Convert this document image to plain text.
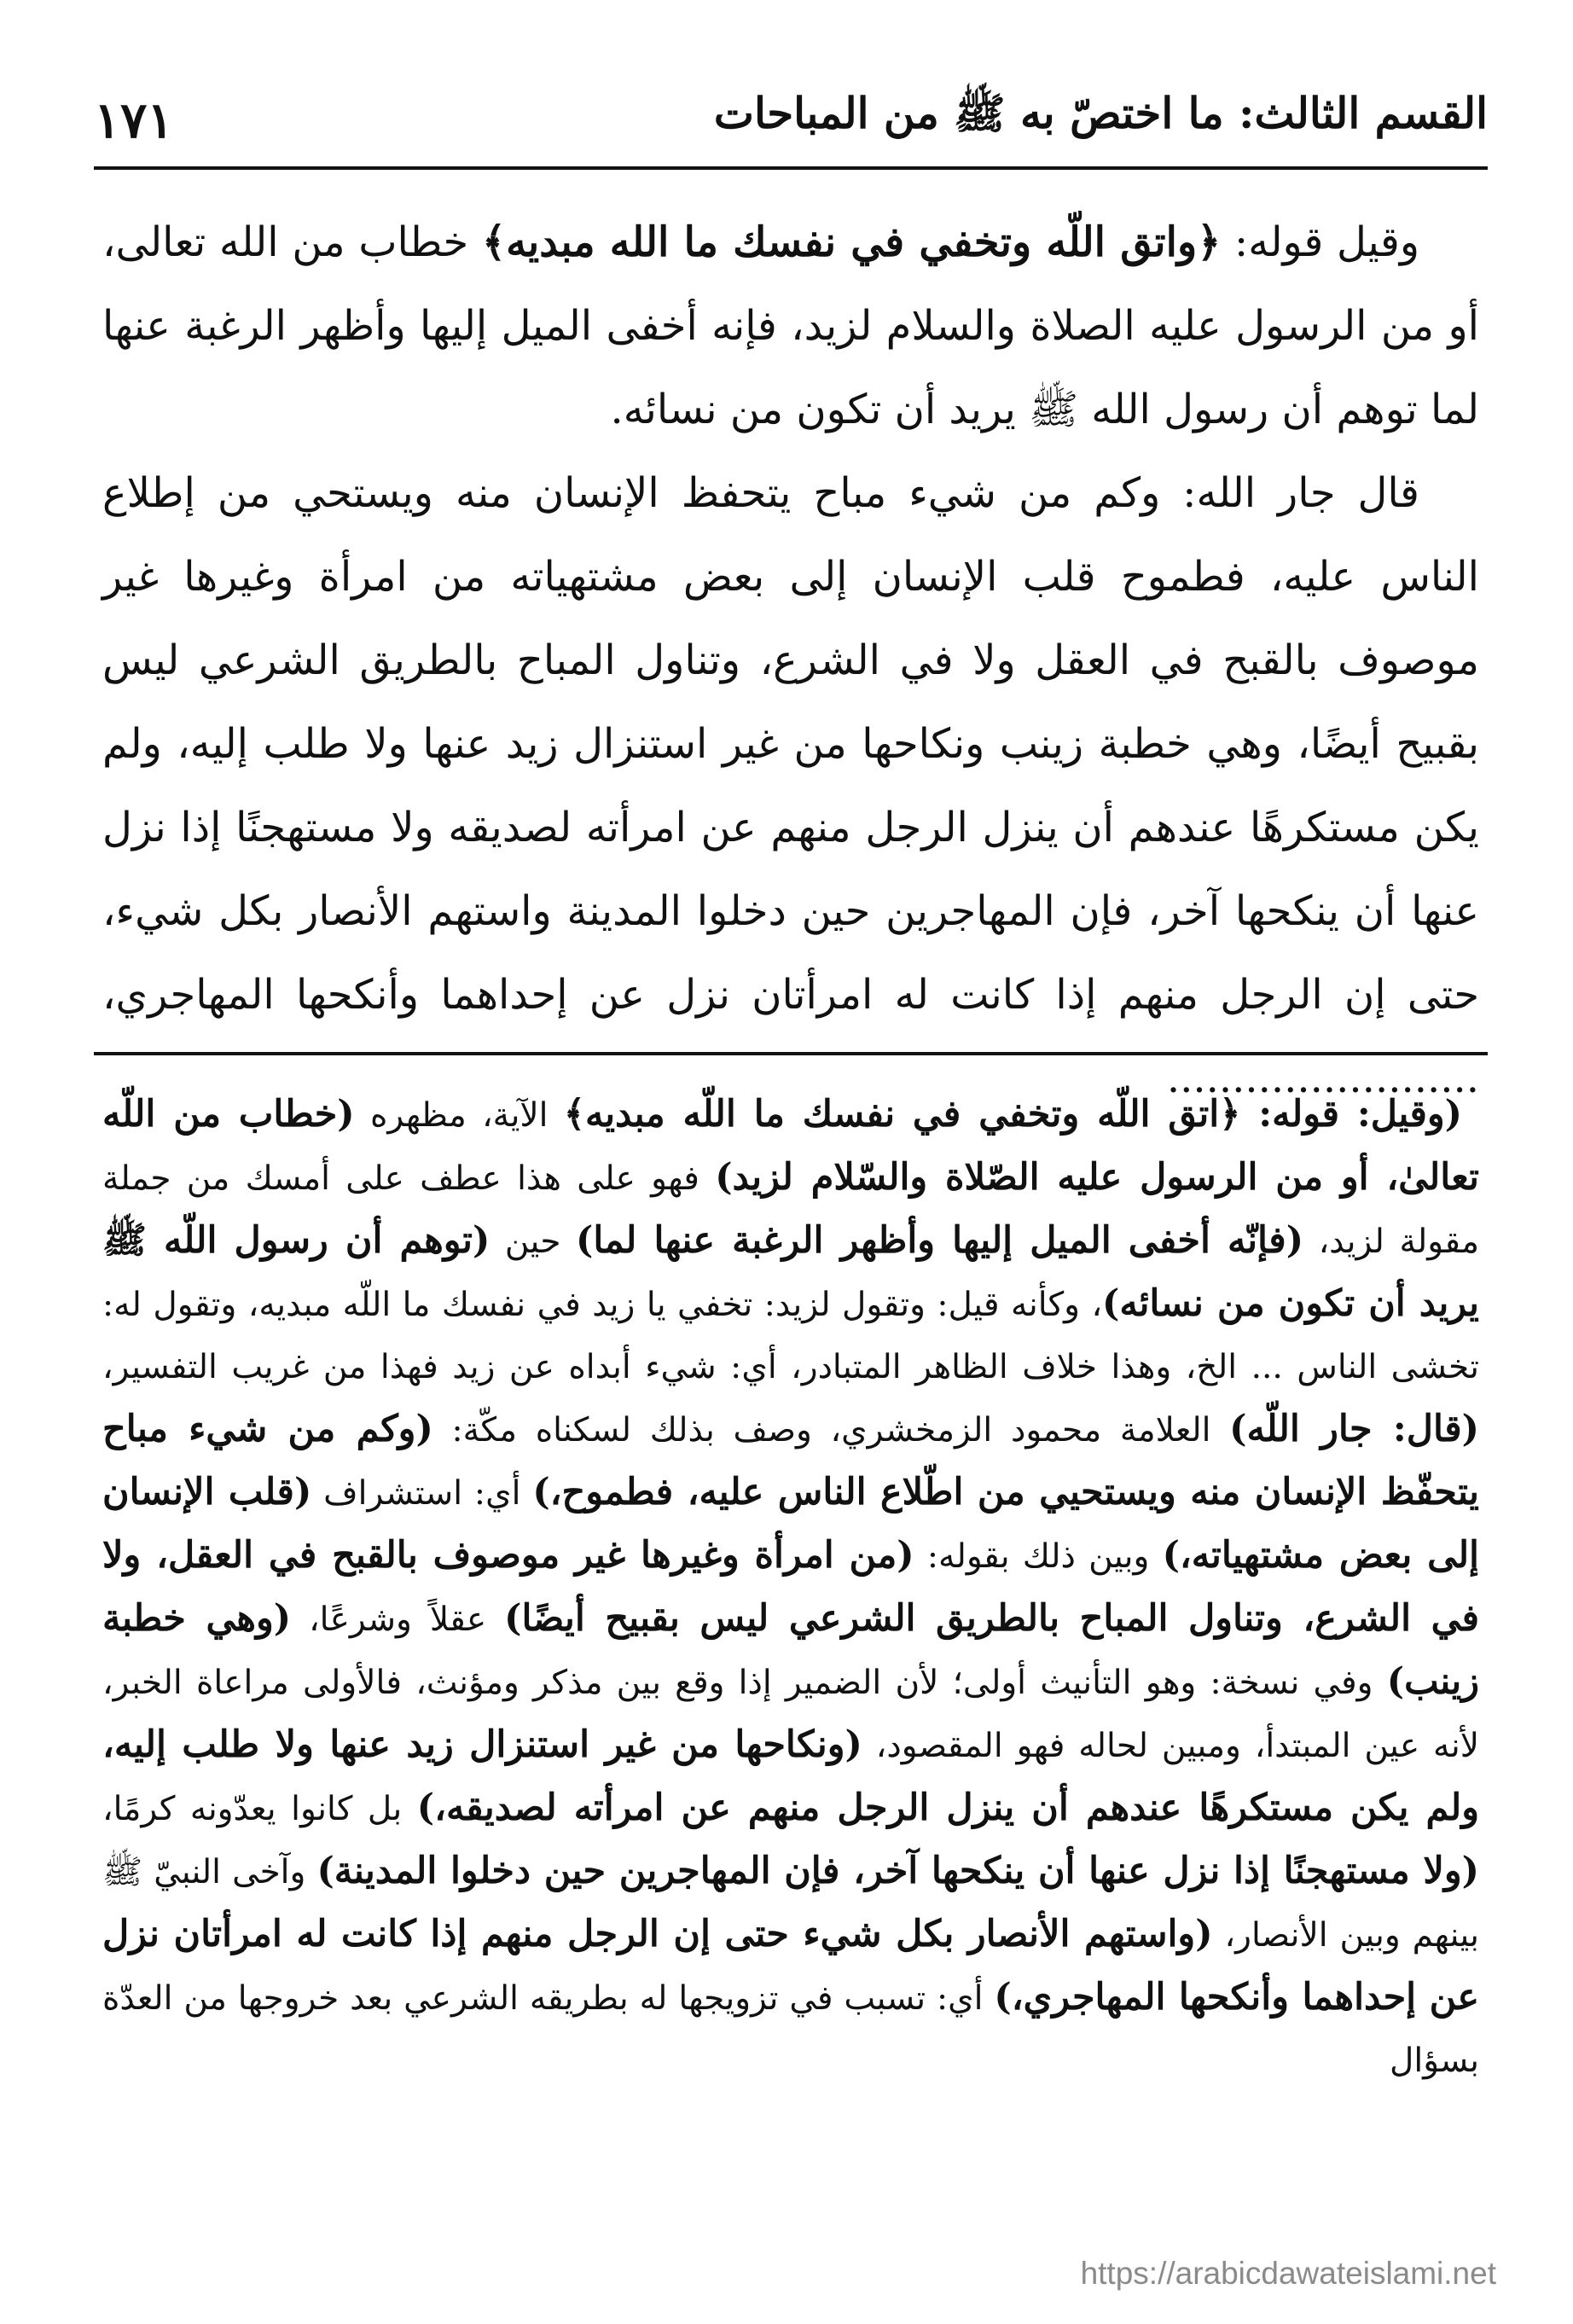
القسم الثالث: ما اختصّ به ﷺ من المباحات
١٧١

وقيل قوله: ﴿واتق اللّه وتخفي في نفسك ما الله مبديه﴾ خطاب من الله تعالى، أو من الرسول عليه الصلاة والسلام لزيد، فإنه أخفى الميل إليها وأظهر الرغبة عنها لما توهم أن رسول الله ﷺ يريد أن تكون من نسائه.

قال جار الله: وكم من شيء مباح يتحفظ الإنسان منه ويستحي من إطلاع الناس عليه، فطموح قلب الإنسان إلى بعض مشتهياته من امرأة وغيرها غير موصوف بالقبح في العقل ولا في الشرع، وتناول المباح بالطريق الشرعي ليس بقبيح أيضًا، وهي خطبة زينب ونكاحها من غير استنزال زيد عنها ولا طلب إليه، ولم يكن مستكرهًا عندهم أن ينزل الرجل منهم عن امرأته لصديقه ولا مستهجنًا إذا نزل عنها أن ينكحها آخر، فإن المهاجرين حين دخلوا المدينة واستهم الأنصار بكل شيء، حتى إن الرجل منهم إذا كانت له امرأتان نزل عن إحداهما وأنكحها المهاجري، ........................

(وقيل: قوله: ﴿اتق اللّه وتخفي في نفسك ما اللّه مبديه﴾ الآية، مظهره (خطاب من اللّه تعالىٰ، أو من الرسول عليه الصّلاة والسّلام لزيد) فهو على هذا عطف على أمسك من جملة مقولة لزيد، (فإنّه أخفى الميل إليها وأظهر الرغبة عنها لما) حين (توهم أن رسول اللّه ﷺ يريد أن تكون من نسائه)، وكأنه قيل: وتقول لزيد: تخفي يا زيد في نفسك ما اللّه مبديه، وتقول له: تخشى الناس ... الخ، وهذا خلاف الظاهر المتبادر، أي: شيء أبداه عن زيد فهذا من غريب التفسير، (قال: جار اللّه) العلامة محمود الزمخشري، وصف بذلك لسكناه مكّة: (وكم من شيء مباح يتحفّظ الإنسان منه ويستحيي من اطّلاع الناس عليه، فطموح،) أي: استشراف (قلب الإنسان إلى بعض مشتهياته،) وبين ذلك بقوله: (من امرأة وغيرها غير موصوف بالقبح في العقل، ولا في الشرع، وتناول المباح بالطريق الشرعي ليس بقبيح أيضًا) عقلاً وشرعًا، (وهي خطبة زينب) وفي نسخة: وهو التأنيث أولى؛ لأن الضمير إذا وقع بين مذكر ومؤنث، فالأولى مراعاة الخبر، لأنه عين المبتدأ، ومبين لحاله فهو المقصود، (ونكاحها من غير استنزال زيد عنها ولا طلب إليه، ولم يكن مستكرهًا عندهم أن ينزل الرجل منهم عن امرأته لصديقه،) بل كانوا يعدّونه كرمًا، (ولا مستهجنًا إذا نزل عنها أن ينكحها آخر، فإن المهاجرين حين دخلوا المدينة) وآخى النبيّ ﷺ بينهم وبين الأنصار، (واستهم الأنصار بكل شيء حتى إن الرجل منهم إذا كانت له امرأتان نزل عن إحداهما وأنكحها المهاجري،) أي: تسبب في تزويجها له بطريقه الشرعي بعد خروجها من العدّة بسؤال

https://arabicdawateislami.net
